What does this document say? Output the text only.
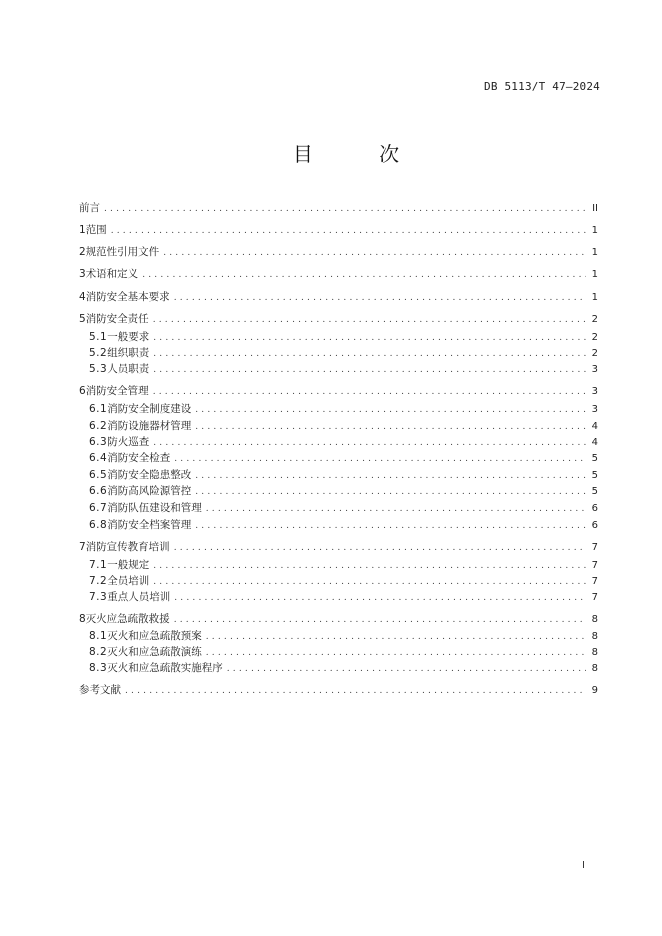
DB 5113/T 47—2024
目 次
前言 .....	II
1 范围 .....	1
2 规范性引用文件 .....	1
3 术语和定义 .....	1
4 消防安全基本要求 .....	1
5 消防安全责任 .....	2
5.1 一般要求 .....	2
5.2 组织职责 .....	2
5.3 人员职责 .....	3
6 消防安全管理 .....	3
6.1 消防安全制度建设 .....	3
6.2 消防设施器材管理 .....	4
6.3 防火巡查 .....	4
6.4 消防安全检查 .....	5
6.5 消防安全隐患整改 .....	5
6.6 消防高风险源管控 .....	5
6.7 消防队伍建设和管理 .....	6
6.8 消防安全档案管理 .....	6
7 消防宣传教育培训 .....	7
7.1 一般规定 .....	7
7.2 全员培训 .....	7
7.3 重点人员培训 .....	7
8 灭火应急疏散救援 .....	8
8.1 灭火和应急疏散预案 .....	8
8.2 灭火和应急疏散演练 .....	8
8.3 灭火和应急疏散实施程序 .....	8
参考文献 .....	9
I
